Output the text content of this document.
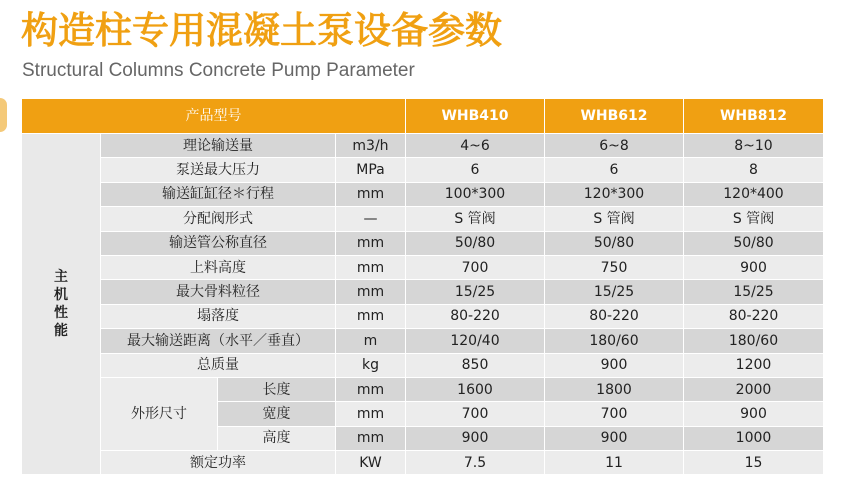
构造柱专用混凝土泵设备参数
Structural Columns Concrete Pump Parameter
产品型号				WHB410	WHB612	WHB812
主
机
性
能	理论输送量		m3/h	4~6	6~8	8~10
	泵送最大压力		MPa	6	6	8
	输送缸缸径＊行程		mm	100*300	120*300	120*400
	分配阀形式		—	S 管阀	S 管阀	S 管阀
	输送管公称直径		mm	50/80	50/80	50/80
	上料高度		mm	700	750	900
	最大骨料粒径		mm	15/25	15/25	15/25
	塌落度		mm	80-220	80-220	80-220
	最大输送距离（水平／垂直）		m	120/40	180/60	180/60
	总质量		kg	850	900	1200
	外形尺寸	长度	mm	1600	1800	2000
		宽度	mm	700	700	900
		高度	mm	900	900	1000
	额定功率		KW	7.5	11	15
